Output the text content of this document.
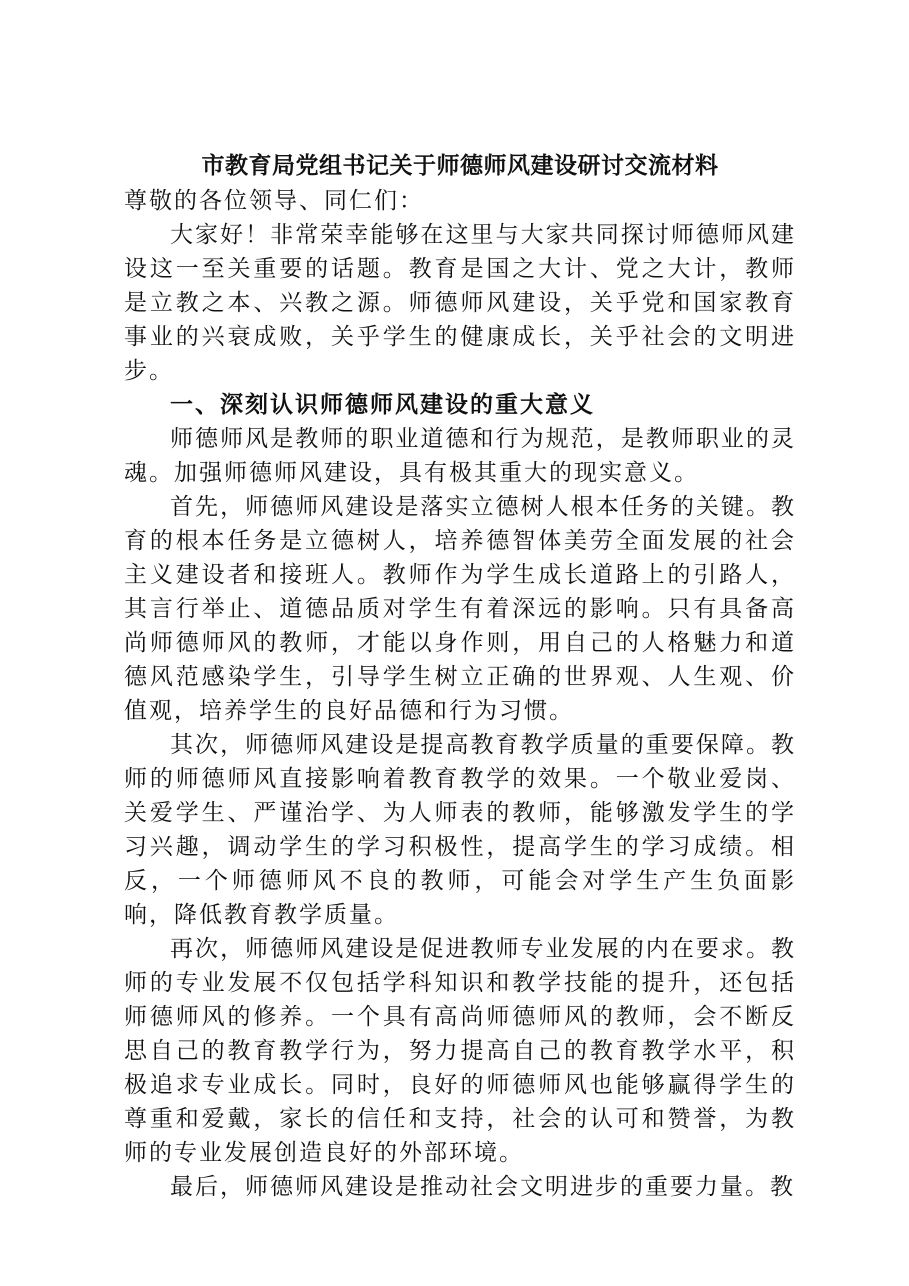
市教育局党组书记关于师德师风建设研讨交流材料

尊敬的各位领导、同仁们：

大家好！非常荣幸能够在这里与大家共同探讨师德师风建设这一至关重要的话题。教育是国之大计、党之大计，教师是立教之本、兴教之源。师德师风建设，关乎党和国家教育事业的兴衰成败，关乎学生的健康成长，关乎社会的文明进步。

一、深刻认识师德师风建设的重大意义

师德师风是教师的职业道德和行为规范，是教师职业的灵魂。加强师德师风建设，具有极其重大的现实意义。

首先，师德师风建设是落实立德树人根本任务的关键。教育的根本任务是立德树人，培养德智体美劳全面发展的社会主义建设者和接班人。教师作为学生成长道路上的引路人，其言行举止、道德品质对学生有着深远的影响。只有具备高尚师德师风的教师，才能以身作则，用自己的人格魅力和道德风范感染学生，引导学生树立正确的世界观、人生观、价值观，培养学生的良好品德和行为习惯。

其次，师德师风建设是提高教育教学质量的重要保障。教师的师德师风直接影响着教育教学的效果。一个敬业爱岗、关爱学生、严谨治学、为人师表的教师，能够激发学生的学习兴趣，调动学生的学习积极性，提高学生的学习成绩。相反，一个师德师风不良的教师，可能会对学生产生负面影响，降低教育教学质量。

再次，师德师风建设是促进教师专业发展的内在要求。教师的专业发展不仅包括学科知识和教学技能的提升，还包括师德师风的修养。一个具有高尚师德师风的教师，会不断反思自己的教育教学行为，努力提高自己的教育教学水平，积极追求专业成长。同时，良好的师德师风也能够赢得学生的尊重和爱戴，家长的信任和支持，社会的认可和赞誉，为教师的专业发展创造良好的外部环境。

最后，师德师风建设是推动社会文明进步的重要力量。教
